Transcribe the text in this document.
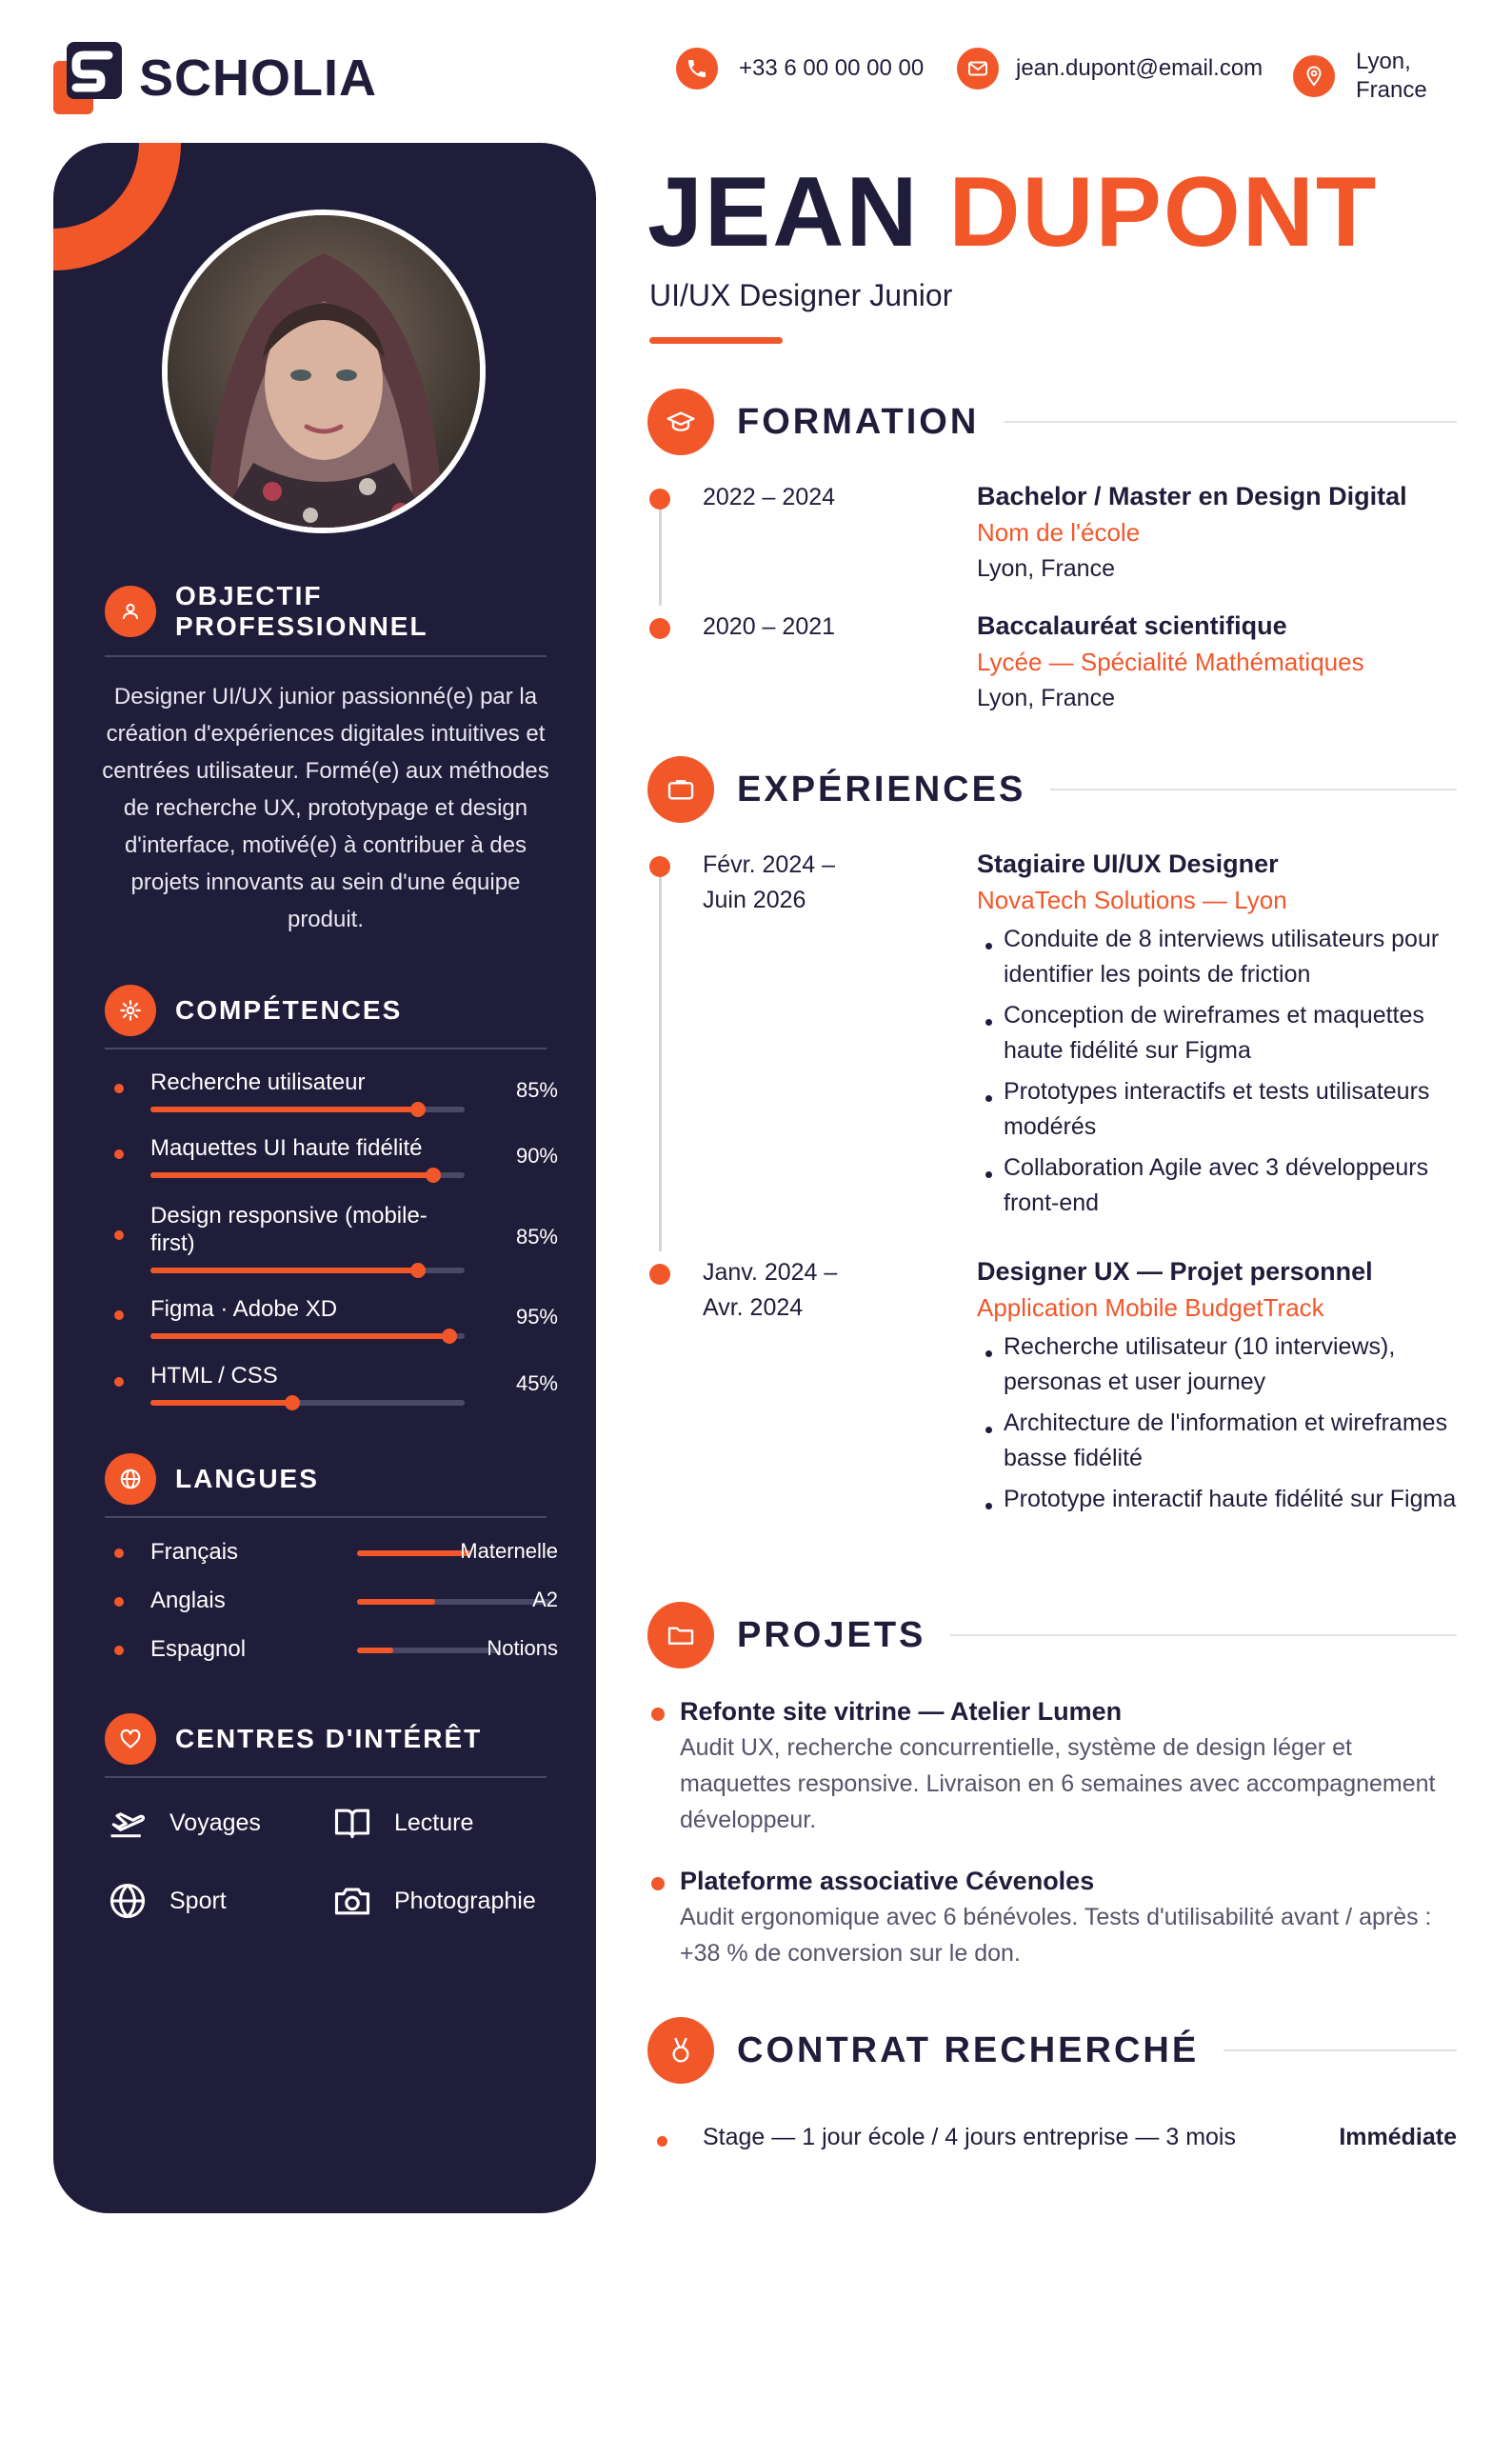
SCHOLIA	+33 6 00 00 00 00	jean.dupont@email.com	Lyon, France
OBJECTIF PROFESSIONNEL

Designer UI/UX junior passionné(e) par la création d'expériences digitales intuitives et centrées utilisateur. Formé(e) aux méthodes de recherche UX, prototypage et design d'interface, motivé(e) à contribuer à des projets innovants au sein d'une équipe produit.

COMPÉTENCES
Recherche utilisateur	85%
Maquettes UI haute fidélité	90%
Design responsive (mobile-first)	85%
Figma · Adobe XD	95%
HTML / CSS	45%
LANGUES
Français	Maternelle
Anglais	A2
Espagnol	Notions
CENTRES D'INTÉRÊT
Voyages	Lecture
Sport	Photographie
JEAN DUPONT
UI/UX Designer Junior
FORMATION
2022 – 2024	Bachelor / Master en Design Digital
Nom de l'école
Lyon, France
2020 – 2021	Baccalauréat scientifique
Lycée — Spécialité Mathématiques
Lyon, France
EXPÉRIENCES
Févr. 2024 – Juin 2026
Stagiaire UI/UX Designer
NovaTech Solutions — Lyon
Conduite de 8 interviews utilisateurs pour identifier les points de friction
Conception de wireframes et maquettes haute fidélité sur Figma
Prototypes interactifs et tests utilisateurs modérés
Collaboration Agile avec 3 développeurs front-end
Janv. 2024 – Avr. 2024
Designer UX — Projet personnel
Application Mobile BudgetTrack
Recherche utilisateur (10 interviews), personas et user journey
Architecture de l'information et wireframes basse fidélité
Prototype interactif haute fidélité sur Figma
PROJETS
Refonte site vitrine — Atelier Lumen
Audit UX, recherche concurrentielle, système de design léger et maquettes responsive. Livraison en 6 semaines avec accompagnement développeur.
Plateforme associative Cévenoles
Audit ergonomique avec 6 bénévoles. Tests d'utilisabilité avant / après : +38 % de conversion sur le don.
CONTRAT RECHERCHÉ
Stage — 1 jour école / 4 jours entreprise — 3 mois	Immédiate
